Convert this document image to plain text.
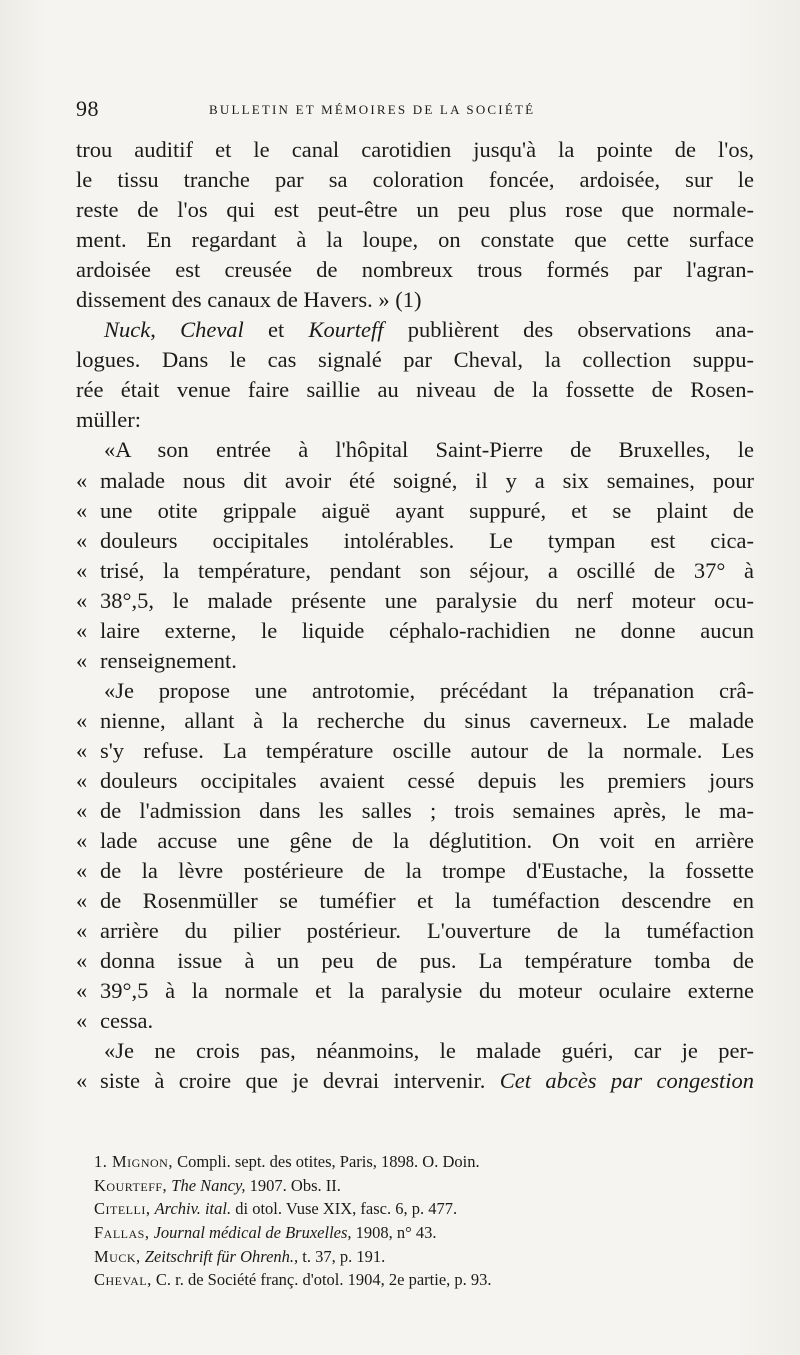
98	BULLETIN ET MÉMOIRES DE LA SOCIÉTÉ
trou auditif et le canal carotidien jusqu'à la pointe de l'os,
le tissu tranche par sa coloration foncée, ardoisée, sur le
reste de l'os qui est peut-être un peu plus rose que normale-
ment. En regardant à la loupe, on constate que cette surface
ardoisée est creusée de nombreux trous formés par l'agran-
dissement des canaux de Havers. » (1)
Nuck, Cheval et Kourteff publièrent des observations ana-
logues. Dans le cas signalé par Cheval, la collection suppu-
rée était venue faire saillie au niveau de la fossette de Rosen-
müller:
«A son entrée à l'hôpital Saint-Pierre de Bruxelles, le
« malade nous dit avoir été soigné, il y a six semaines, pour
« une otite grippale aiguë ayant suppuré, et se plaint de
« douleurs occipitales intolérables. Le tympan est cica-
« trisé, la température, pendant son séjour, a oscillé de 37° à
« 38°,5, le malade présente une paralysie du nerf moteur ocu-
« laire externe, le liquide céphalo-rachidien ne donne aucun
« renseignement.
«Je propose une antrotomie, précédant la trépanation crâ-
« nienne, allant à la recherche du sinus caverneux. Le malade
« s'y refuse. La température oscille autour de la normale. Les
« douleurs occipitales avaient cessé depuis les premiers jours
« de l'admission dans les salles ; trois semaines après, le ma-
« lade accuse une gêne de la déglutition. On voit en arrière
« de la lèvre postérieure de la trompe d'Eustache, la fossette
« de Rosenmüller se tuméfier et la tuméfaction descendre en
« arrière du pilier postérieur. L'ouverture de la tuméfaction
« donna issue à un peu de pus. La température tomba de
« 39°,5 à la normale et la paralysie du moteur oculaire externe
« cessa.
«Je ne crois pas, néanmoins, le malade guéri, car je per-
« siste à croire que je devrai intervenir. Cet abcès par congestion
1. Mignon, Compli. sept. des otites, Paris, 1898. O. Doin.
Kourteff, The Nancy, 1907. Obs. II.
Citelli, Archiv. ital. di otol. Vuse XIX, fasc. 6, p. 477.
Fallas, Journal médical de Bruxelles, 1908, n° 43.
Muck, Zeitschrift für Ohrenh., t. 37, p. 191.
Cheval, C. r. de Société franç. d'otol. 1904, 2e partie, p. 93.
